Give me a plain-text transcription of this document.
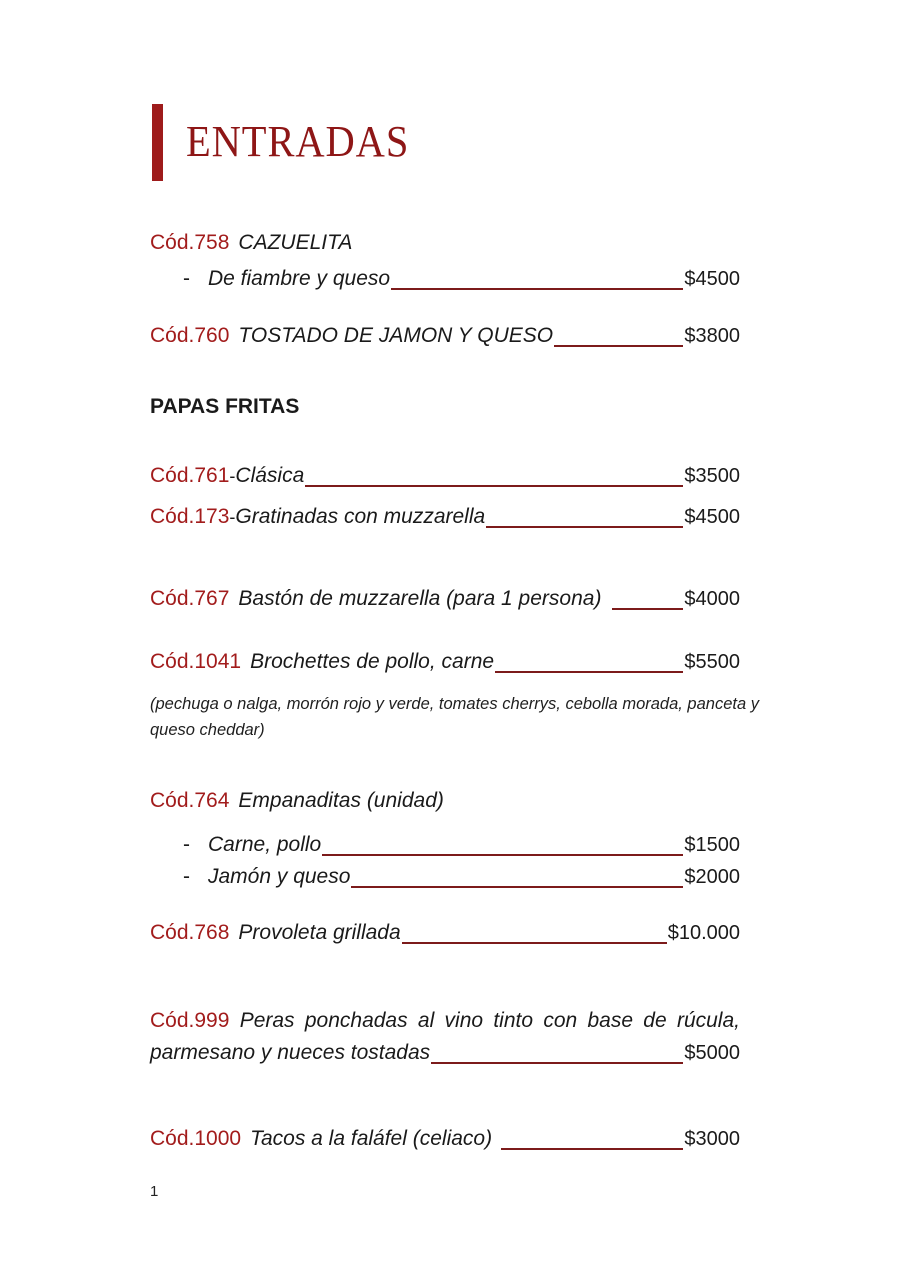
ENTRADAS
Cód.758 CAZUELITA
- De fiambre y queso	$4500
Cód.760 TOSTADO DE JAMON Y QUESO	$3800
PAPAS FRITAS
Cód.761 - Clásica	$3500
Cód.173 - Gratinadas con muzzarella	$4500
Cód.767 Bastón de muzzarella (para 1 persona)	$4000
Cód.1041 Brochettes de pollo, carne	$5500
(pechuga o nalga, morrón rojo y verde, tomates cherrys, cebolla morada, panceta y
queso cheddar)
Cód.764 Empanaditas (unidad)
- Carne, pollo	$1500
- Jamón y queso	$2000
Cód.768 Provoleta grillada	$10.000
Cód.999 Peras ponchadas al vino tinto con base de rúcula,
parmesano y nueces tostadas	$5000
Cód.1000 Tacos a la faláfel (celiaco)	$3000
1
